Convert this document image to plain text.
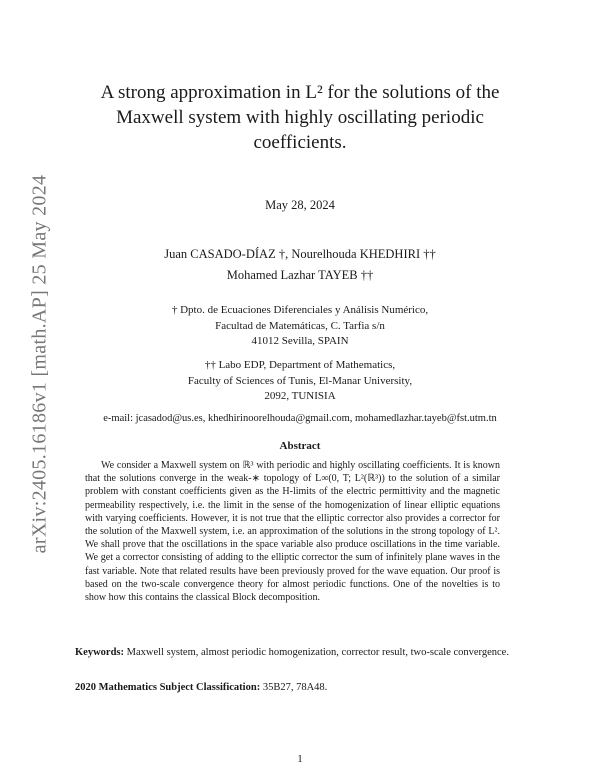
arXiv:2405.16186v1 [math.AP] 25 May 2024
A strong approximation in L² for the solutions of the
Maxwell system with highly oscillating periodic
coefficients.
May 28, 2024
Juan CASADO-DÍAZ †, Nourelhouda KHEDHIRI ††
Mohamed Lazhar TAYEB ††
† Dpto. de Ecuaciones Diferenciales y Análisis Numérico,
Facultad de Matemáticas, C. Tarfia s/n
41012 Sevilla, SPAIN
†† Labo EDP, Department of Mathematics,
Faculty of Sciences of Tunis, El-Manar University,
2092, TUNISIA
e-mail: jcasadod@us.es, khedhirinoorelhouda@gmail.com, mohamedlazhar.tayeb@fst.utm.tn
Abstract
We consider a Maxwell system on ℝ³ with periodic and highly oscillating coefficients. It is known that the solutions converge in the weak-∗ topology of L∞(0, T; L²(ℝ³)) to the solution of a similar problem with constant coefficients given as the H-limits of the electric permittivity and the magnetic permeability respectively, i.e. the limit in the sense of the homogenization of linear elliptic equations with varying coefficients. However, it is not true that the elliptic corrector also provides a corrector for the solution of the Maxwell system, i.e. an approximation of the solutions in the strong topology of L². We shall prove that the oscillations in the space variable also produce oscillations in the time variable. We get a corrector consisting of adding to the elliptic corrector the sum of infinitely plane waves in the fast variable. Note that related results have been previously proved for the wave equation. Our proof is based on the two-scale convergence theory for almost periodic functions. One of the novelties is to show how this contains the classical Block decomposition.
Keywords: Maxwell system, almost periodic homogenization, corrector result, two-scale convergence.
2020 Mathematics Subject Classification: 35B27, 78A48.
1
